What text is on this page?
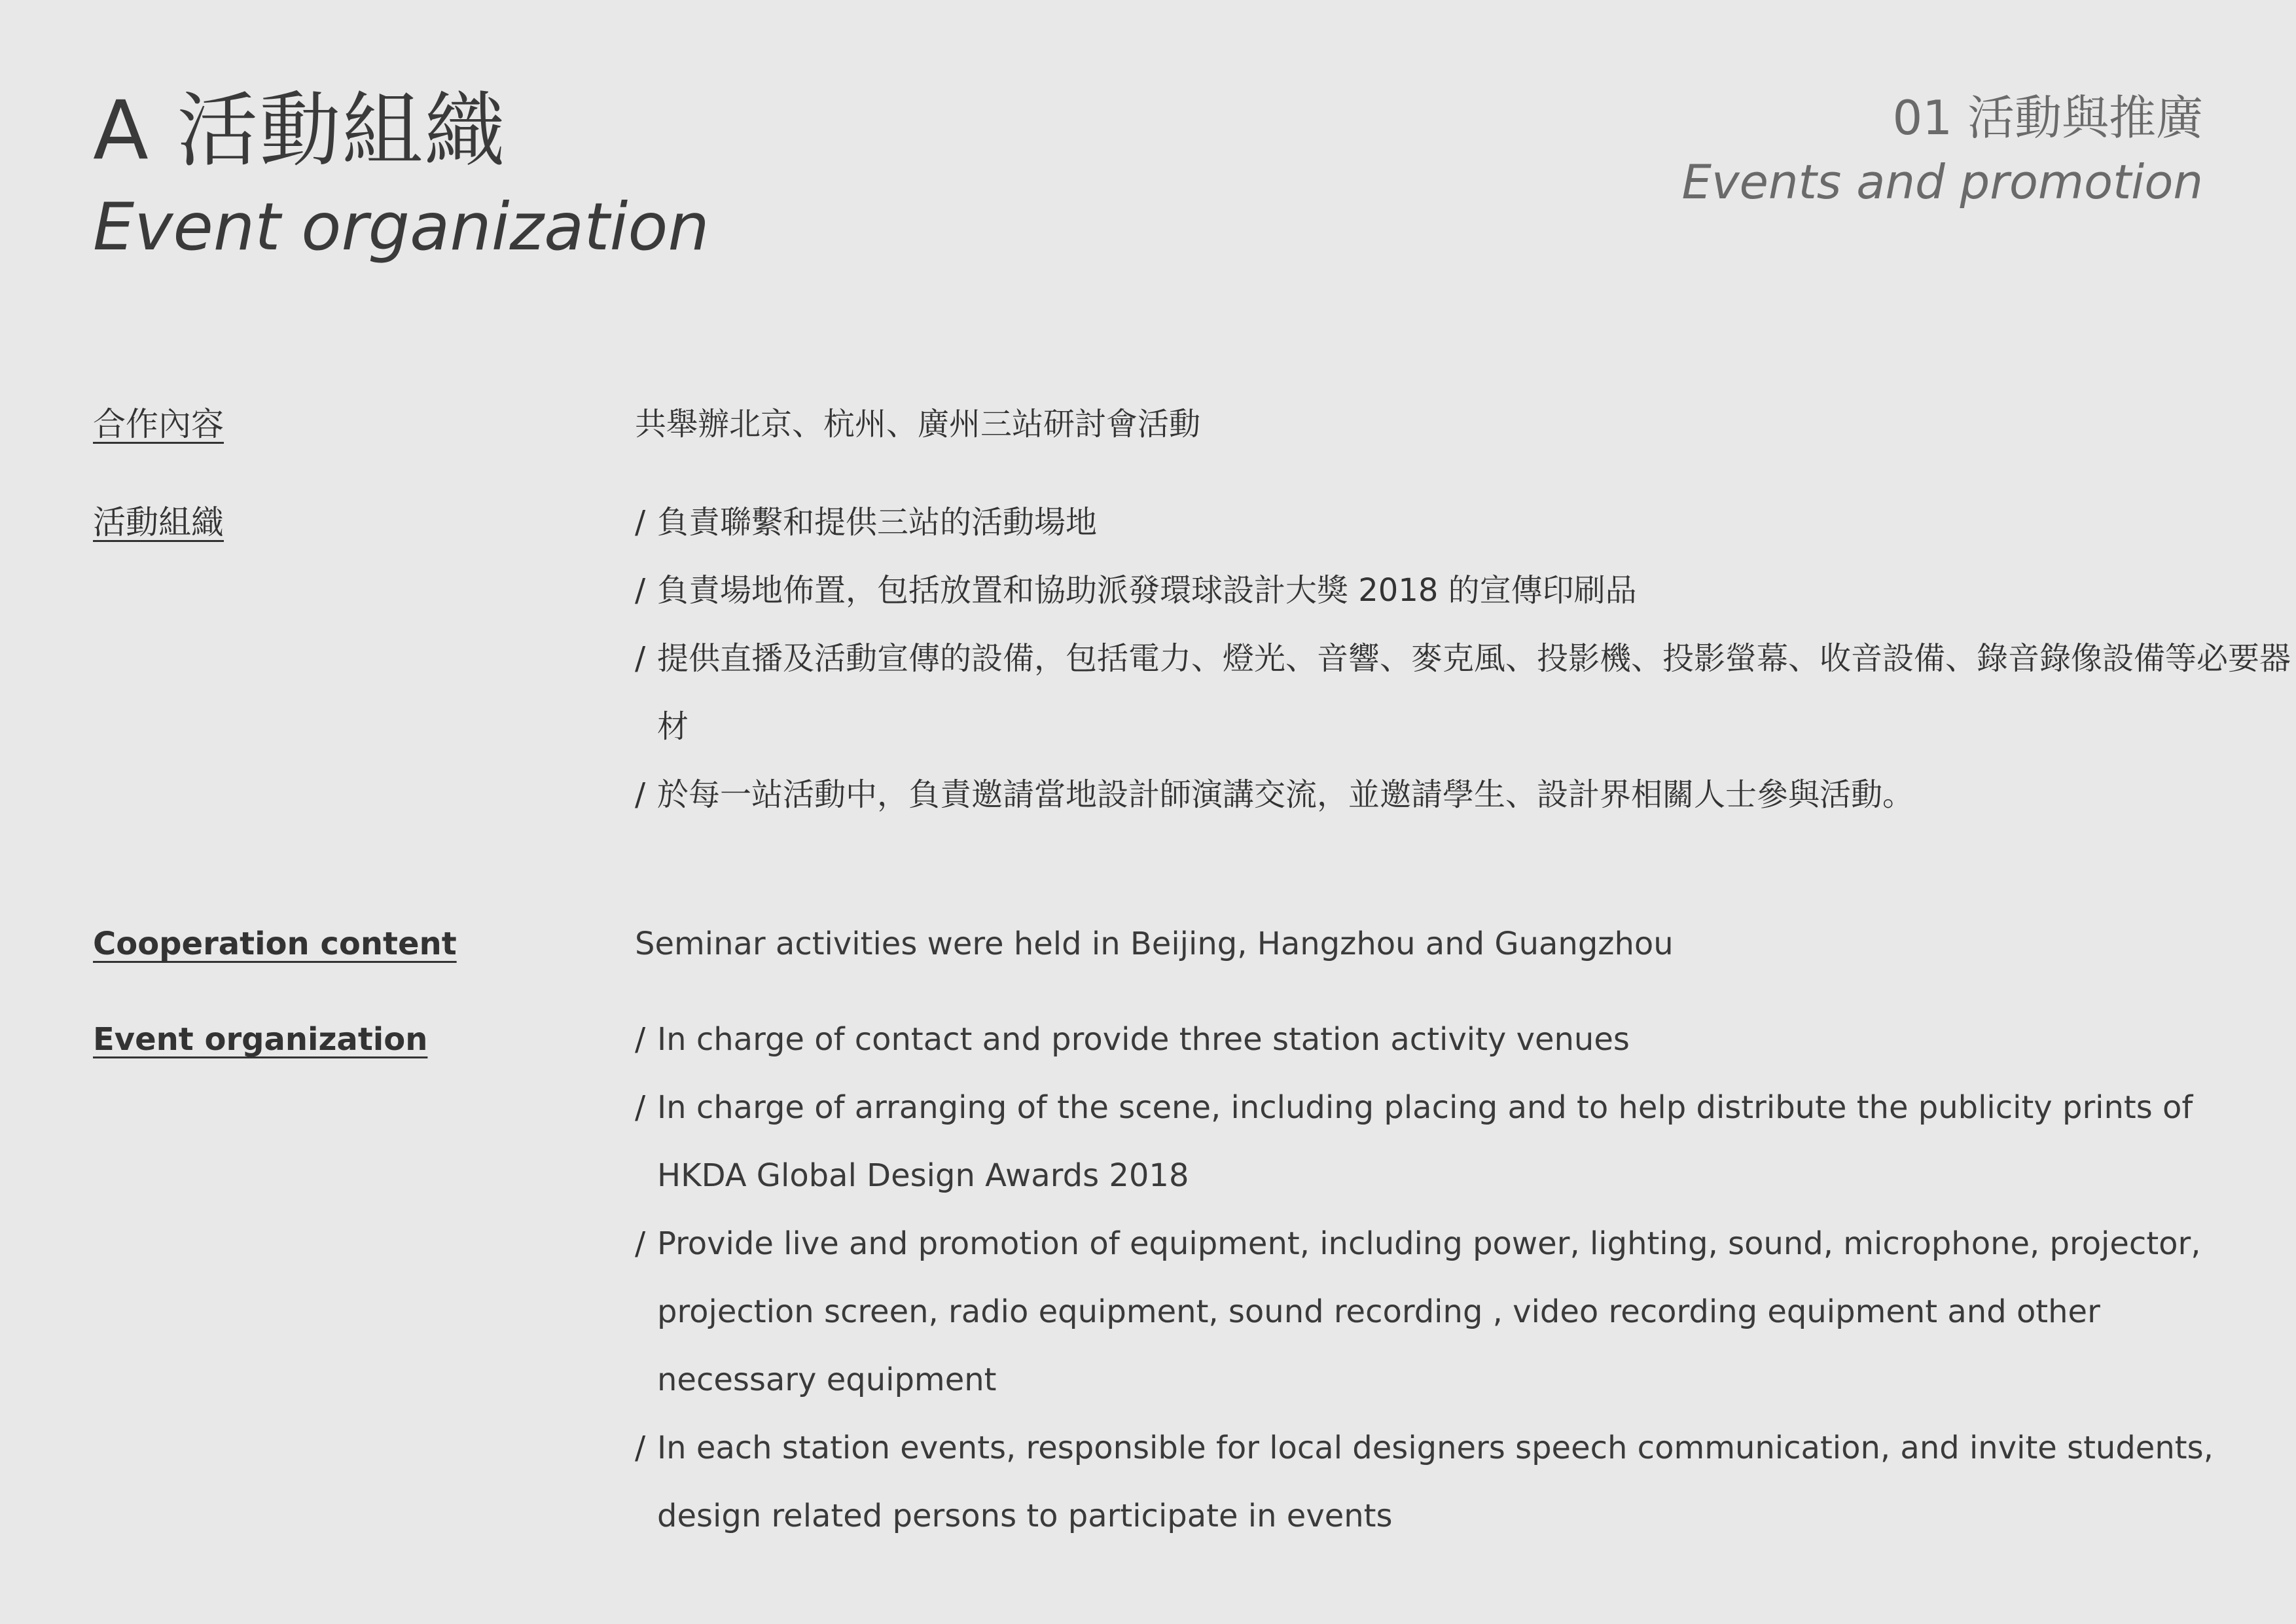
A 活動組織
Event organization
01 活動與推廣
Events and promotion
合作內容	共舉辦北京、杭州、廣州三站研討會活動
活動組織	/ 負責聯繫和提供三站的活動場地
/ 負責場地佈置，包括放置和協助派發環球設計大獎 2018 的宣傳印刷品
/ 提供直播及活動宣傳的設備，包括電力、燈光、音響、麥克風、投影機、投影螢幕、收音設備、錄音錄像設備等必要器材
/ 於每一站活動中，負責邀請當地設計師演講交流，並邀請學生、設計界相關人士參與活動。
Cooperation content	Seminar activities were held in Beijing, Hangzhou and Guangzhou
Event organization	/ In charge of contact and provide three station activity venues
/ In charge of arranging of the scene, including placing and to help distribute the publicity prints of HKDA Global Design Awards 2018
/ Provide live and promotion of equipment, including power, lighting, sound, microphone, projector, projection screen, radio equipment, sound recording , video recording equipment and other necessary equipment
/ In each station events, responsible for local designers speech communication, and invite students, design related persons to participate in events
